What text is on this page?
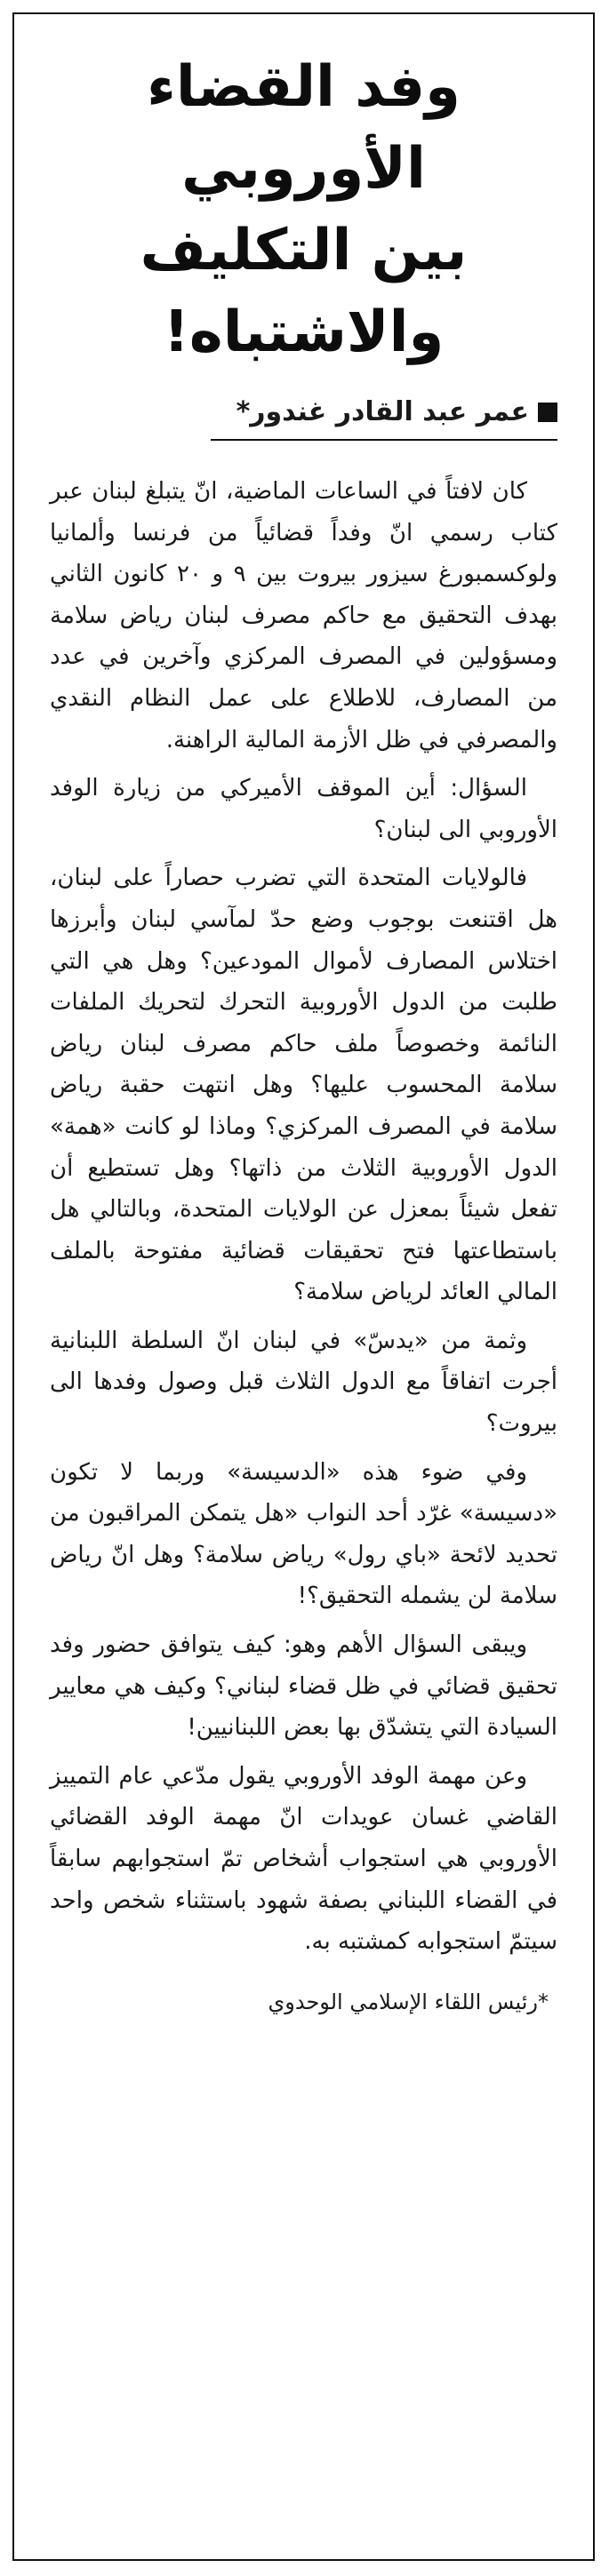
وفد القضاء الأوروبي
بين التكليف والاشتباه!
عمر عبد القادر غندور*

كان لافتاً في الساعات الماضية، انّ يتبلغ لبنان عبر كتاب رسمي انّ وفداً قضائياً من فرنسا وألمانيا ولوكسمبورغ سيزور بيروت بين ٩ و ٢٠ كانون الثاني بهدف التحقيق مع حاكم مصرف لبنان رياض سلامة ومسؤولين في المصرف المركزي وآخرين في عدد من المصارف، للاطلاع على عمل النظام النقدي والمصرفي في ظل الأزمة المالية الراهنة.

السؤال: أين الموقف الأميركي من زيارة الوفد الأوروبي الى لبنان؟

فالولايات المتحدة التي تضرب حصاراً على لبنان، هل اقتنعت بوجوب وضع حدّ لمآسي لبنان وأبرزها اختلاس المصارف لأموال المودعين؟ وهل هي التي طلبت من الدول الأوروبية التحرك لتحريك الملفات النائمة وخصوصاً ملف حاكم مصرف لبنان رياض سلامة المحسوب عليها؟ وهل انتهت حقبة رياض سلامة في المصرف المركزي؟ وماذا لو كانت «همة» الدول الأوروبية الثلاث من ذاتها؟ وهل تستطيع أن تفعل شيئاً بمعزل عن الولايات المتحدة، وبالتالي هل باستطاعتها فتح تحقيقات قضائية مفتوحة بالملف المالي العائد لرياض سلامة؟

وثمة من «يدسّ» في لبنان انّ السلطة اللبنانية أجرت اتفاقاً مع الدول الثلاث قبل وصول وفدها الى بيروت؟

وفي ضوء هذه «الدسيسة» وربما لا تكون «دسيسة» غرّد أحد النواب «هل يتمكن المراقبون من تحديد لائحة «باي رول» رياض سلامة؟ وهل انّ رياض سلامة لن يشمله التحقيق؟!

ويبقى السؤال الأهم وهو: كيف يتوافق حضور وفد تحقيق قضائي في ظل قضاء لبناني؟ وكيف هي معايير السيادة التي يتشدّق بها بعض اللبنانيين!

وعن مهمة الوفد الأوروبي يقول مدّعي عام التمييز القاضي غسان عويدات انّ مهمة الوفد القضائي الأوروبي هي استجواب أشخاص تمّ استجوابهم سابقاً في القضاء اللبناني بصفة شهود باستثناء شخص واحد سيتمّ استجوابه كمشتبه به.

*رئيس اللقاء الإسلامي الوحدوي
